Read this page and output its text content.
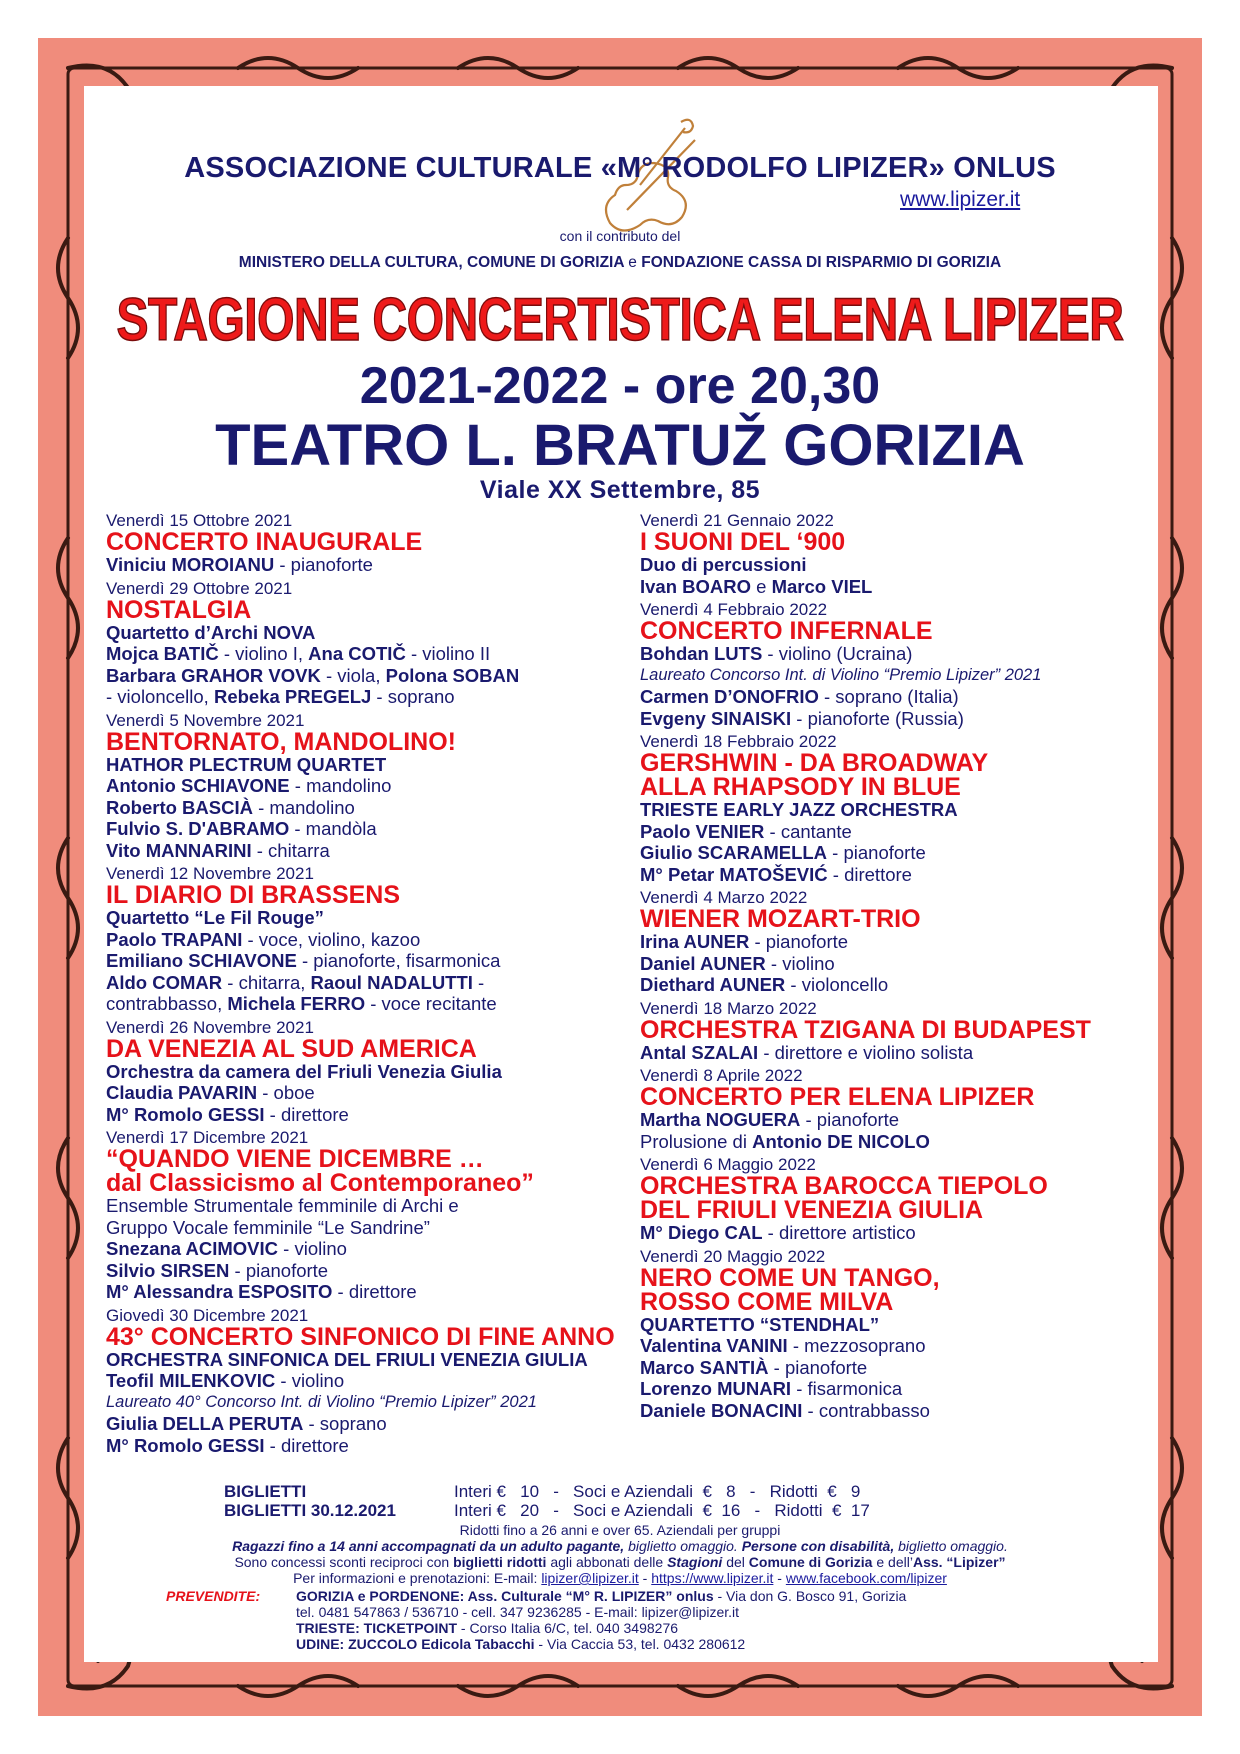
ASSOCIAZIONE CULTURALE «M° RODOLFO LIPIZER» ONLUS
www.lipizer.it
con il contributo del
MINISTERO DELLA CULTURA, COMUNE DI GORIZIA e FONDAZIONE CASSA DI RISPARMIO DI GORIZIA
STAGIONE CONCERTISTICA ELENA LIPIZER
2021-2022 - ore 20,30
TEATRO L. BRATUŽ GORIZIA
Viale XX Settembre, 85
Venerdì 15 Ottobre 2021
CONCERTO INAUGURALE
Viniciu MOROIANU - pianoforte
Venerdì 29 Ottobre 2021
NOSTALGIA
Quartetto d’Archi NOVA
Mojca BATIČ - violino I, Ana COTIČ - violino II
Barbara GRAHOR VOVK - viola, Polona SOBAN
- violoncello, Rebeka PREGELJ - soprano
Venerdì 5 Novembre 2021
BENTORNATO, MANDOLINO!
HATHOR PLECTRUM QUARTET
Antonio SCHIAVONE - mandolino
Roberto BASCIÀ - mandolino
Fulvio S. D'ABRAMO - mandòla
Vito MANNARINI - chitarra
Venerdì 12 Novembre 2021
IL DIARIO DI BRASSENS
Quartetto “Le Fil Rouge”
Paolo TRAPANI - voce, violino, kazoo
Emiliano SCHIAVONE - pianoforte, fisarmonica
Aldo COMAR - chitarra, Raoul NADALUTTI -
contrabbasso, Michela FERRO - voce recitante
Venerdì 26 Novembre 2021
DA VENEZIA AL SUD AMERICA
Orchestra da camera del Friuli Venezia Giulia
Claudia PAVARIN - oboe
M° Romolo GESSI - direttore
Venerdì 17 Dicembre 2021
“QUANDO VIENE DICEMBRE …
dal Classicismo al Contemporaneo”
Ensemble Strumentale femminile di Archi e
Gruppo Vocale femminile “Le Sandrine”
Snezana ACIMOVIC - violino
Silvio SIRSEN - pianoforte
M° Alessandra ESPOSITO - direttore
Giovedì 30 Dicembre 2021
43° CONCERTO SINFONICO DI FINE ANNO
ORCHESTRA SINFONICA DEL FRIULI VENEZIA GIULIA
Teofil MILENKOVIC - violino
Laureato 40° Concorso Int. di Violino “Premio Lipizer” 2021
Giulia DELLA PERUTA - soprano
M° Romolo GESSI - direttore
Venerdì 21 Gennaio 2022
I SUONI DEL ‘900
Duo di percussioni
Ivan BOARO e Marco VIEL
Venerdì 4 Febbraio 2022
CONCERTO INFERNALE
Bohdan LUTS - violino (Ucraina)
Laureato Concorso Int. di Violino “Premio Lipizer” 2021
Carmen D’ONOFRIO - soprano (Italia)
Evgeny SINAISKI - pianoforte (Russia)
Venerdì 18 Febbraio 2022
GERSHWIN - DA BROADWAY
ALLA RHAPSODY IN BLUE
TRIESTE EARLY JAZZ ORCHESTRA
Paolo VENIER - cantante
Giulio SCARAMELLA - pianoforte
M° Petar MATOŠEVIĆ - direttore
Venerdì 4 Marzo 2022
WIENER MOZART-TRIO
Irina AUNER - pianoforte
Daniel AUNER - violino
Diethard AUNER - violoncello
Venerdì 18 Marzo 2022
ORCHESTRA TZIGANA DI BUDAPEST
Antal SZALAI - direttore e violino solista
Venerdì 8 Aprile 2022
CONCERTO PER ELENA LIPIZER
Martha NOGUERA - pianoforte
Prolusione di Antonio DE NICOLO
Venerdì 6 Maggio 2022
ORCHESTRA BAROCCA TIEPOLO
DEL FRIULI VENEZIA GIULIA
M° Diego CAL - direttore artistico
Venerdì 20 Maggio 2022
NERO COME UN TANGO,
ROSSO COME MILVA
QUARTETTO “STENDHAL”
Valentina VANINI - mezzosoprano
Marco SANTIÀ - pianoforte
Lorenzo MUNARI - fisarmonica
Daniele BONACINI - contrabbasso
BIGLIETTI	Interi €   10   -   Soci e Aziendali  €   8   -   Ridotti  €   9
BIGLIETTI 30.12.2021	Interi €   20   -   Soci e Aziendali  €  16   -   Ridotti  €  17
Ridotti fino a 26 anni e over 65. Aziendali per gruppi
Ragazzi fino a 14 anni accompagnati da un adulto pagante, biglietto omaggio. Persone con disabilità, biglietto omaggio.
Sono concessi sconti reciproci con biglietti ridotti agli abbonati delle Stagioni del Comune di Gorizia e dell’Ass. “Lipizer”
Per informazioni e prenotazioni: E-mail: lipizer@lipizer.it - https://www.lipizer.it - www.facebook.com/lipizer
PREVENDITE:	GORIZIA e PORDENONE: Ass. Culturale “M° R. LIPIZER” onlus - Via don G. Bosco 91, Gorizia
tel. 0481 547863 / 536710 - cell. 347 9236285 - E-mail: lipizer@lipizer.it
TRIESTE: TICKETPOINT - Corso Italia 6/C, tel. 040 3498276
UDINE: ZUCCOLO Edicola Tabacchi - Via Caccia 53, tel. 0432 280612
